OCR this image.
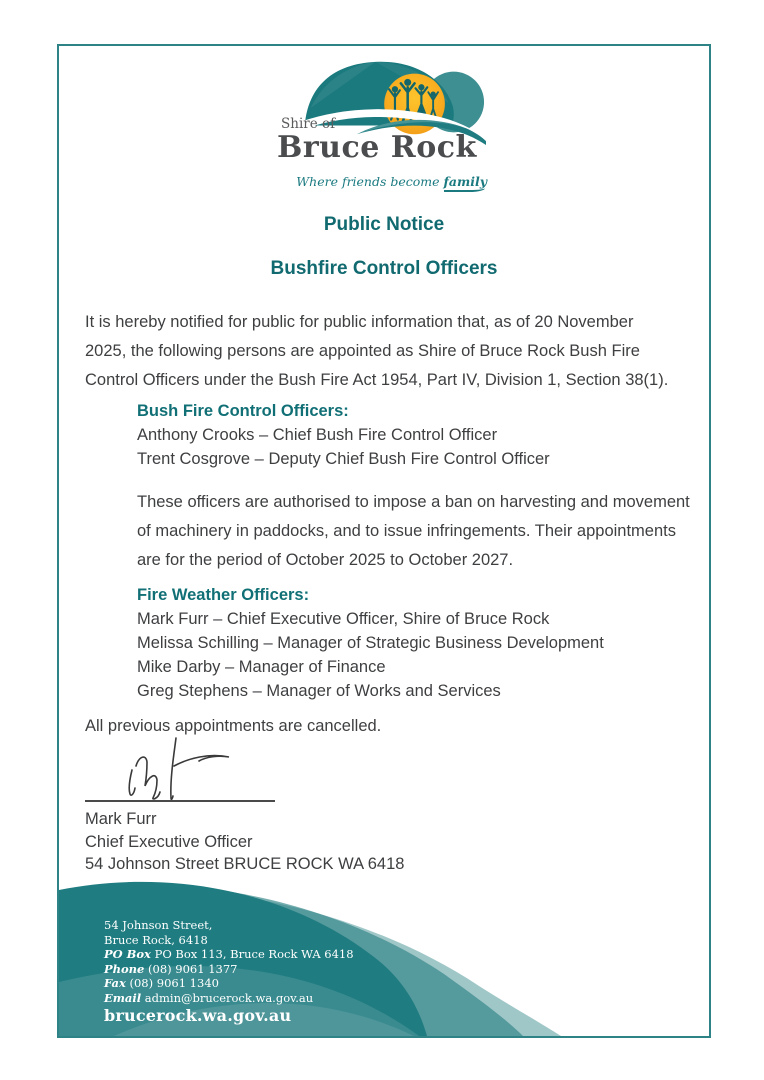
Shire of
Bruce Rock
Where friends become family
Public Notice
Bushfire Control Officers
It is hereby notified for public for public information that, as of 20 November 2025, the following persons are appointed as Shire of Bruce Rock Bush Fire Control Officers under the Bush Fire Act 1954, Part IV, Division 1, Section 38(1).
Bush Fire Control Officers:
Anthony Crooks – Chief Bush Fire Control Officer
Trent Cosgrove – Deputy Chief Bush Fire Control Officer
These officers are authorised to impose a ban on harvesting and movement of machinery in paddocks, and to issue infringements. Their appointments are for the period of October 2025 to October 2027.
Fire Weather Officers:
Mark Furr – Chief Executive Officer, Shire of Bruce Rock
Melissa Schilling – Manager of Strategic Business Development
Mike Darby – Manager of Finance
Greg Stephens – Manager of Works and Services
All previous appointments are cancelled.
Mark Furr
Chief Executive Officer
54 Johnson Street BRUCE ROCK WA 6418
54 Johnson Street,
Bruce Rock, 6418
PO Box PO Box 113, Bruce Rock WA 6418
Phone (08) 9061 1377
Fax (08) 9061 1340
Email admin@brucerock.wa.gov.au
brucerock.wa.gov.au
